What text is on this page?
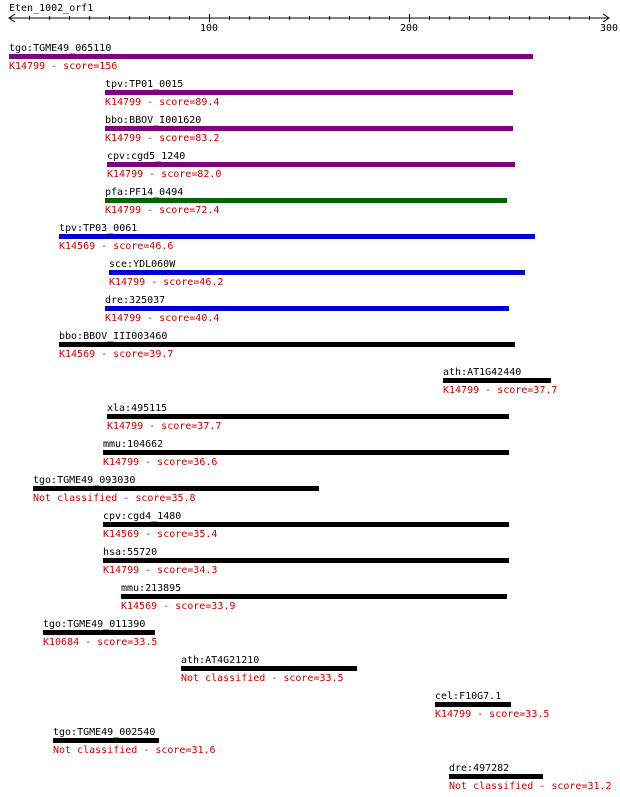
Eten_1002_orf1
100	200	300
tgo:TGME49_065110
K14799 - score=156
tpv:TP01_0015
K14799 - score=89.4
bbo:BBOV_I001620
K14799 - score=83.2
cpv:cgd5_1240
K14799 - score=82.0
pfa:PF14_0494
K14799 - score=72.4
tpv:TP03_0061
K14569 - score=46.6
sce:YDL060W
K14799 - score=46.2
dre:325037
K14799 - score=40.4
bbo:BBOV_III003460
K14569 - score=39.7
ath:AT1G42440
K14799 - score=37.7
xla:495115
K14799 - score=37.7
mmu:104662
K14799 - score=36.6
tgo:TGME49_093030
Not classified - score=35.8
cpv:cgd4_1480
K14569 - score=35.4
hsa:55720
K14799 - score=34.3
mmu:213895
K14569 - score=33.9
tgo:TGME49_011390
K10684 - score=33.5
ath:AT4G21210
Not classified - score=33.5
cel:F10G7.1
K14799 - score=33.5
tgo:TGME49_002540
Not classified - score=31.6
dre:497282
Not classified - score=31.2
